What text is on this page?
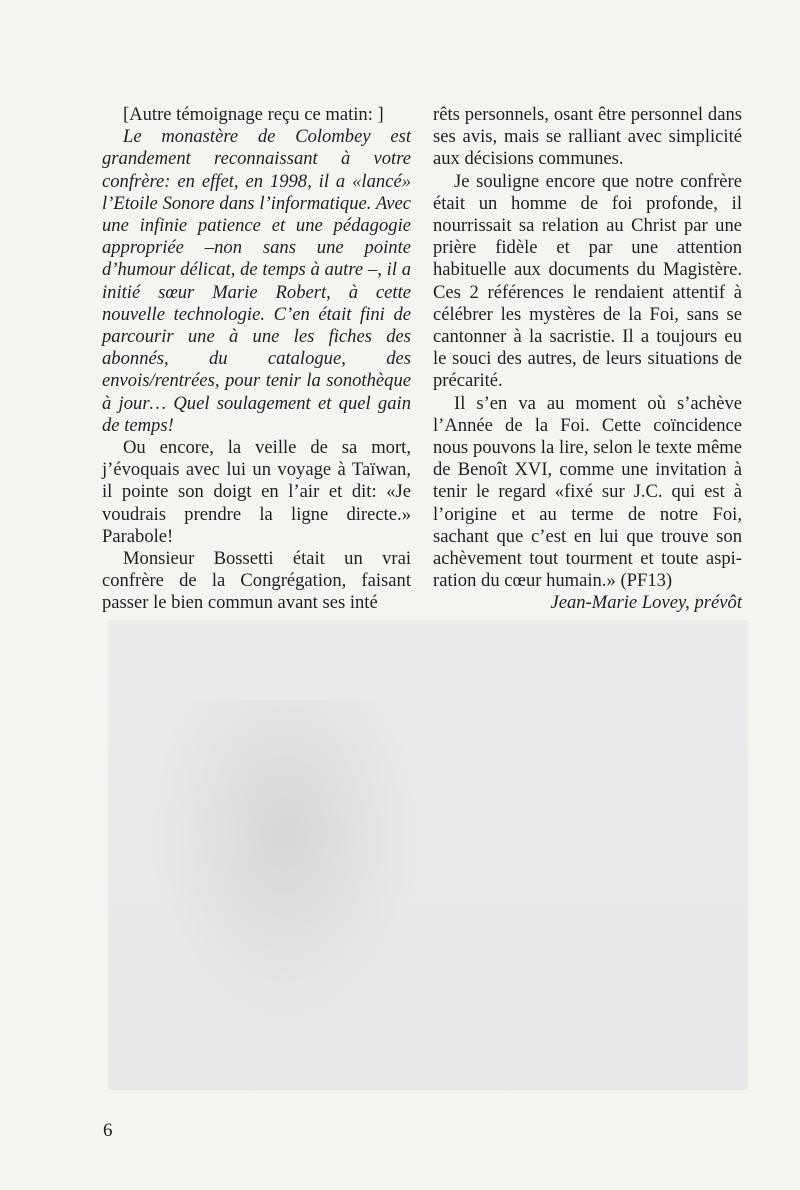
[Autre témoignage reçu ce matin: ]

Le monastère de Colombey est grandement reconnaissant à votre confrère: en effet, en 1998, il a «lancé» l’Etoile Sonore dans l’informatique. Avec une infinie patience et une pédagogie appropriée –non sans une pointe d’humour délicat, de temps à autre –, il a initié sœur Marie Robert, à cette nouvelle technologie. C’en était fini de parcourir une à une les fiches des abonnés, du catalogue, des envois/rentrées, pour tenir la sonothèque à jour… Quel soulagement et quel gain de temps!

Ou encore, la veille de sa mort, j’évoquais avec lui un voyage à Taïwan, il pointe son doigt en l’air et dit: «Je voudrais prendre la ligne directe.» Parabole!

Monsieur Bossetti était un vrai confrère de la Congrégation, faisant passer le bien commun avant ses inté

rêts personnels, osant être personnel dans ses avis, mais se ralliant avec simplicité aux décisions communes.

Je souligne encore que notre confrère était un homme de foi profonde, il nourrissait sa relation au Christ par une prière fidèle et par une attention habituelle aux documents du Magistère. Ces 2 références le rendaient attentif à célébrer les mystères de la Foi, sans se cantonner à la sacristie. Il a toujours eu le souci des autres, de leurs situations de précarité.

Il s’en va au moment où s’achève l’Année de la Foi. Cette coïncidence nous pouvons la lire, selon le texte même de Benoît XVI, comme une invitation à tenir le regard «fixé sur J.C. qui est à l’origine et au terme de notre Foi, sachant que c’est en lui que trouve son achèvement tout tourment et toute aspiration du cœur humain.» (PF13)

Jean-Marie Lovey, prévôt

6
